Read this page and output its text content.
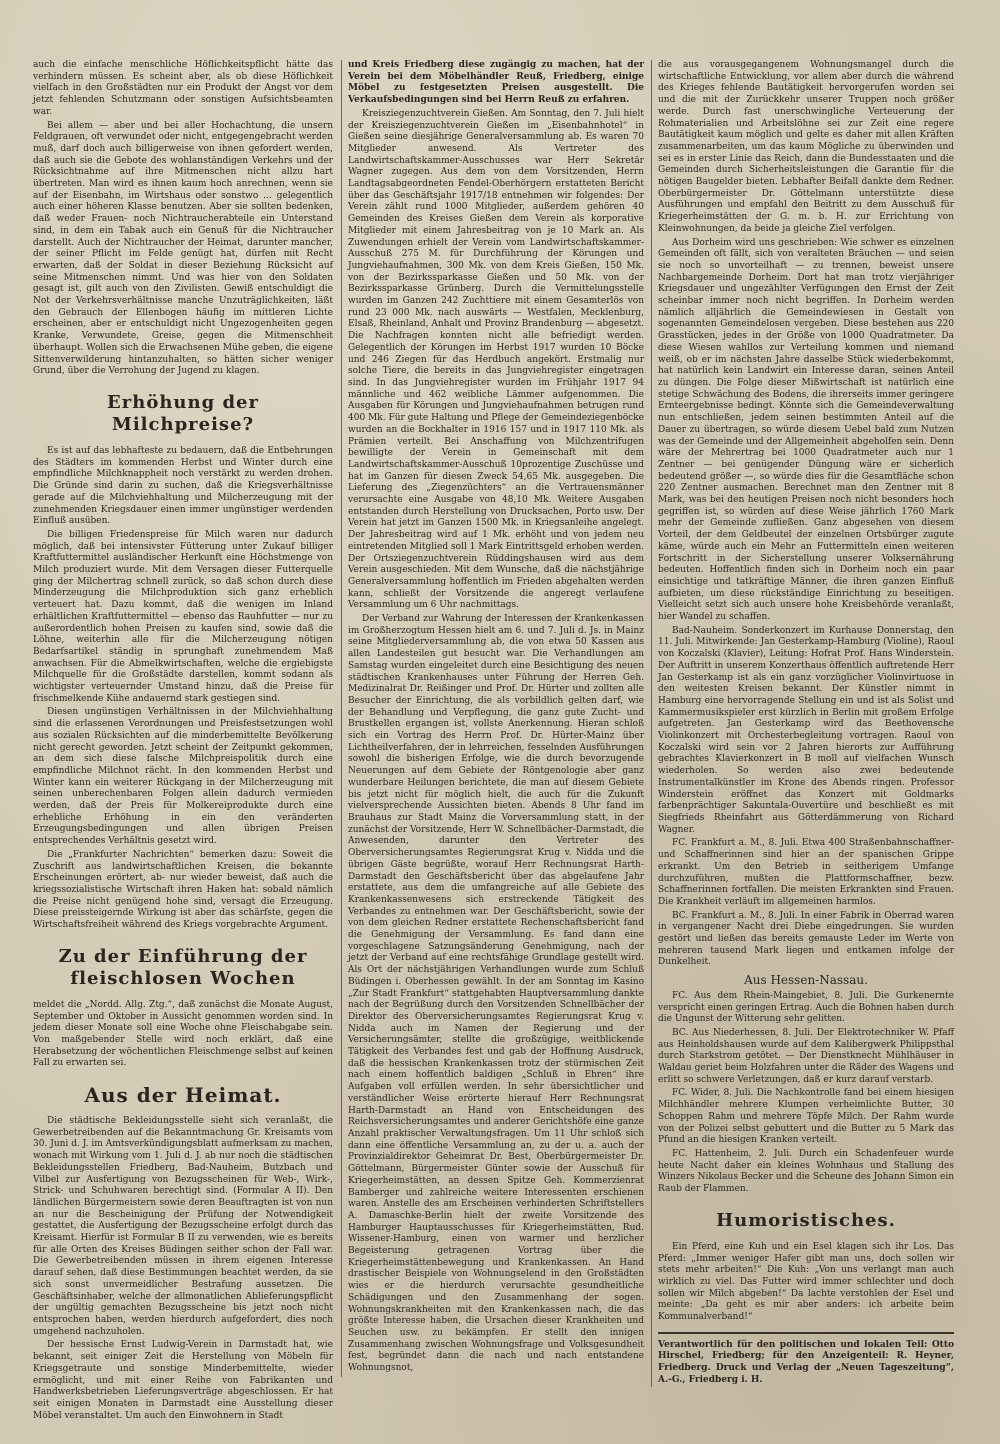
auch die einfache menschliche Höflichkeitspflicht hätte das verhindern müssen. Es scheint aber, als ob diese Höflichkeit vielfach in den Großstädten nur ein Produkt der Angst vor dem jetzt fehlenden Schutzmann oder sonstigen Aufsichtsbeamten war.

Bei allem — aber und bei aller Hochachtung, die unsern Feldgrauen, oft verwundet oder nicht, entgegengebracht werden muß, darf doch auch billigerweise von ihnen gefordert werden, daß auch sie die Gebote des wohlanständigen Verkehrs und der Rücksichtnahme auf ihre Mitmenschen nicht allzu hart übertreten. Man wird es ihnen kaum hoch anrechnen, wenn sie auf der Eisenbahn, im Wirtshaus oder sonstwo ... gelegentlich auch einer höheren Klasse benutzen. Aber sie sollten bedenken, daß weder Frauen- noch Nichtraucherabteile ein Unterstand sind, in dem ein Tabak auch ein Genuß für die Nichtraucher darstellt. Auch der Nichtraucher der Heimat, darunter mancher, der seiner Pflicht im Felde genügt hat, dürfen mit Recht erwarten, daß der Soldat in dieser Beziehung Rücksicht auf seine Mitmenschen nimmt. Und was hier von den Soldaten gesagt ist, gilt auch von den Zivilisten. Gewiß entschuldigt die Not der Verkehrsverhältnisse manche Unzuträglichkeiten, läßt den Gebrauch der Ellenbogen häufig im mittleren Lichte erscheinen, aber er entschuldigt nicht Ungezogenheiten gegen Kranke, Verwundete, Greise, gegen die Mitmenschheit überhaupt. Wollen sich die Erwachsenen Mühe geben, die eigene Sittenverwilderung hintanzuhalten, so hätten sicher weniger Grund, über die Verrohung der Jugend zu klagen.

Erhöhung der Milchpreise?

Es ist auf das lebhafteste zu bedauern, daß die Entbehrungen des Städters im kommenden Herbst und Winter durch eine empfindliche Milchknappheit noch verstärkt zu werden drohen. Die Gründe sind darin zu suchen, daß die Kriegsverhältnisse gerade auf die Milchviehhaltung und Milcherzeugung mit der zunehmenden Kriegsdauer einen immer ungünstiger werdenden Einfluß ausüben.

Die billigen Friedenspreise für Milch waren nur dadurch möglich, daß bei intensivster Fütterung unter Zukauf billiger Kraftfuttermittel ausländischer Herkunft eine Höchstmenge von Milch produziert wurde. Mit dem Versagen dieser Futterquelle ging der Milchertrag schnell zurück, so daß schon durch diese Minderzeugung die Milchproduktion sich ganz erheblich verteuert hat. Dazu kommt, daß die wenigen im Inland erhältlichen Kraftfuttermittel — ebenso das Rauhfutter — nur zu außerordentlich hohen Preisen zu kaufen sind, sowie daß die Löhne, weiterhin alle für die Milcherzeugung nötigen Bedarfsartikel ständig in sprunghaft zunehmendem Maß anwachsen. Für die Abmelkwirtschaften, welche die ergiebigste Milchquelle für die Großstädte darstellen, kommt sodann als wichtigster verteuernder Umstand hinzu, daß die Preise für frischmelkende Kühe andauernd stark gestiegen sind.

Diesen ungünstigen Verhältnissen in der Milchviehhaltung sind die erlassenen Verordnungen und Preisfestsetzungen wohl aus sozialen Rücksichten auf die minderbemittelte Bevölkerung nicht gerecht geworden. Jetzt scheint der Zeitpunkt gekommen, an dem sich diese falsche Milchpreispolitik durch eine empfindliche Milchnot rächt. In den kommenden Herbst und Winter kann ein weiterer Rückgang in der Milcherzeugung mit seinen unberechenbaren Folgen allein dadurch vermieden werden, daß der Preis für Molkereiprodukte durch eine erhebliche Erhöhung in ein den veränderten Erzeugungsbedingungen und allen übrigen Preisen entsprechendes Verhältnis gesetzt wird.

Die „Frankfurter Nachrichten“ bemerken dazu: Soweit die Zuschrift aus landwirtschaftlichen Kreisen, die bekannte Erscheinungen erörtert, ab- nur wieder beweist, daß auch die kriegssozialistische Wirtschaft ihren Haken hat: sobald nämlich die Preise nicht genügend hohe sind, versagt die Erzeugung. Diese preissteigernde Wirkung ist aber das schärfste, gegen die Wirtschaftsfreiheit während des Kriegs vorgebrachte Argument.

Zu der Einführung der fleischlosen Wochen

meldet die „Nordd. Allg. Ztg.“, daß zunächst die Monate August, September und Oktober in Aussicht genommen worden sind. In jedem dieser Monate soll eine Woche ohne Fleischabgabe sein. Von maßgebender Stelle wird noch erklärt, daß eine Herabsetzung der wöchentlichen Fleischmenge selbst auf keinen Fall zu erwarten sei.

Aus der Heimat.

Die städtische Bekleidungsstelle sieht sich veranlaßt, die Gewerbetreibenden auf die Bekanntmachung Gr. Kreisamts vom 30. Juni d. J. im Amtsverkündigungsblatt aufmerksam zu machen, wonach mit Wirkung vom 1. Juli d. J. ab nur noch die städtischen Bekleidungsstellen Friedberg, Bad-Nauheim, Butzbach und Vilbel zur Ausfertigung von Bezugsscheinen für Web-, Wirk-, Strick- und Schuhwaren berechtigt sind. (Formular A II). Den ländlichen Bürgermeistern sowie deren Beauftragten ist von nun an nur die Bescheinigung der Prüfung der Notwendigkeit gestattet, die Ausfertigung der Bezugsscheine erfolgt durch das Kreisamt. Hierfür ist Formular B II zu verwenden, wie es bereits für alle Orten des Kreises Büdingen seither schon der Fall war. Die Gewerbetreibenden müssen in ihrem eigenen Interesse darauf sehen, daß diese Bestimmungen beachtet werden, da sie sich sonst unvermeidlicher Bestrafung aussetzen. Die Geschäftsinhaber, welche der allmonatlichen Ablieferungspflicht der ungültig gemachten Bezugsscheine bis jetzt noch nicht entsprochen haben, werden hierdurch aufgefordert, dies noch umgehend nachzuholen.

Der hessische Ernst Ludwig-Verein in Darmstadt hat, wie bekannt, seit einiger Zeit die Herstellung von Möbeln für Kriegsgetraute und sonstige Minderbemittelte, wieder ermöglicht, und mit einer Reihe von Fabrikanten und Handwerksbetrieben Lieferungsverträge abgeschlossen. Er hat seit einigen Monaten in Darmstadt eine Ausstellung dieser Möbel veranstaltet. Um auch den Einwohnern in Stadt

und Kreis Friedberg diese zugängig zu machen, hat der Verein bei dem Möbelhändler Reuß, Friedberg, einige Möbel zu festgesetzten Preisen ausgestellt. Die Verkaufsbedingungen sind bei Herrn Reuß zu erfahren.

Kreisziegenzuchtverein Gießen. Am Sonntag, den 7. Juli hielt der Kreisziegenzuchtverein Gießen im „Eisenbahnhotel“ in Gießen seine diesjährige Generalversammlung ab. Es waren 70 Mitglieder anwesend. Als Vertreter des Landwirtschaftskammer-Ausschusses war Herr Sekretär Wagner zugegen. Aus dem von dem Vorsitzenden, Herrn Landtagsabgeordneten Fendel-Oberhörgern erstatteten Bericht über das Geschäftsjahr 1917/18 entnehmen wir folgendes: Der Verein zählt rund 1000 Mitglieder, außerdem gehören 40 Gemeinden des Kreises Gießen dem Verein als korporative Mitglieder mit einem Jahresbeitrag von je 10 Mark an. Als Zuwendungen erhielt der Verein vom Landwirtschaftskammer-Ausschuß 275 M. für Durchführung der Körungen und Jungviehaufnahmen, 300 Mk. von dem Kreis Gießen, 150 Mk. von der Bezirkssparkasse Gießen und 50 Mk. von der Bezirkssparkasse Grünberg. Durch die Vermittelungsstelle wurden im Ganzen 242 Zuchttiere mit einem Gesamterlös von rund 23 000 Mk. nach auswärts — Westfalen, Mecklenburg, Elsaß, Rheinland, Anhalt und Provinz Brandenburg — abgesetzt. Die Nachfragen konnten nicht alle befriedigt werden. Gelegentlich der Körungen im Herbst 1917 wurden 10 Böcke und 246 Ziegen für das Herdbuch angekört. Erstmalig nur solche Tiere, die bereits in das Jungviehregister eingetragen sind. In das Jungviehregister wurden im Frühjahr 1917 94 männliche und 462 weibliche Lämmer aufgenommen. Die Ausgaben für Körungen und Jungviehaufnahmen betrugen rund 400 Mk. Für gute Haltung und Pflege der Gemeindeziegenböcke wurden an die Bockhalter in 1916 157 und in 1917 110 Mk. als Prämien verteilt. Bei Anschaffung von Milchzentrifugen bewilligte der Verein in Gemeinschaft mit dem Landwirtschaftskammer-Ausschuß 10prozentige Zuschüsse und hat im Ganzen für diesen Zweck 54,65 Mk. ausgegeben. Die Lieferung des „Ziegenzüchters“ an die Vertrauensmänner verursachte eine Ausgabe von 48,10 Mk. Weitere Ausgaben entstanden durch Herstellung von Drucksachen, Porto usw. Der Verein hat jetzt im Ganzen 1500 Mk. in Kriegsanleihe angelegt. Der Jahresbeitrag wird auf 1 Mk. erhöht und von jedem neu eintretenden Mitglied soll 1 Mark Eintrittsgeld erhoben werden. Der Ortsziegenzuchtverein Rüddingshausen wird aus dem Verein ausgeschieden. Mit dem Wunsche, daß die nächstjährige Generalversammlung hoffentlich im Frieden abgehalten werden kann, schließt der Vorsitzende die angeregt verlaufene Versammlung um 6 Uhr nachmittags.

Der Verband zur Wahrung der Interessen der Krankenkassen im Großherzogtum Hessen hielt am 6. und 7. Juli d. Js. in Mainz seine Mitgliederversammlung ab, die von etwa 50 Kassen aus allen Landesteilen gut besucht war. Die Verhandlungen am Samstag wurden eingeleitet durch eine Besichtigung des neuen städtischen Krankenhauses unter Führung der Herren Geh. Medizinalrat Dr. Reißinger und Prof. Dr. Hürter und zollten alle Besucher der Einrichtung, die als vorbildlich gelten darf, wie der Behandlung und Verpflegung, die ganz gute Zucht- und Brustkellen ergangen ist, vollste Anerkennung. Hieran schloß sich ein Vortrag des Herrn Prof. Dr. Hürter-Mainz über Lichtheilverfahren, der in lehrreichen, fesselnden Ausführungen sowohl die bisherigen Erfolge, wie die durch bevorzugende Neuerungen auf dem Gebiete der Röntgenologie aber ganz wunderbare Heilungen berichtete, die man auf diesem Gebiete bis jetzt nicht für möglich hielt, die auch für die Zukunft vielversprechende Aussichten bieten. Abends 8 Uhr fand im Brauhaus zur Stadt Mainz die Vorversammlung statt, in der zunächst der Vorsitzende, Herr W. Schnellbächer-Darmstadt, die Anwesenden, darunter den Vertreter des Oberversicherungsamtes Regierungsrat Krug v. Nidda und die übrigen Gäste begrüßte, worauf Herr Rechnungsrat Harth-Darmstadt den Geschäftsbericht über das abgelaufene Jahr erstattete, aus dem die umfangreiche auf alle Gebiete des Krankenkassenwesens sich erstreckende Tätigkeit des Verbandes zu entnehmen war. Der Geschäftsbericht, sowie der von dem gleichen Redner erstattete Rechenschaftsbericht fand die Genehmigung der Versammlung. Es fand dann eine vorgeschlagene Satzungsänderung Genehmigung, nach der jetzt der Verband auf eine rechtsfähige Grundlage gestellt wird. Als Ort der nächstjährigen Verhandlungen wurde zum Schluß Büdingen i. Oberhessen gewählt. In der am Sonntag im Kasino „Zur Stadt Frankfurt“ stattgehabten Hauptversammlung dankte nach der Begrüßung durch den Vorsitzenden Schnellbächer der Direktor des Oberversicherungsamtes Regierungsrat Krug v. Nidda auch im Namen der Regierung und der Versicherungsämter, stellte die großzügige, weitblickende Tätigkeit des Verbandes fest und gab der Hoffnung Ausdruck, daß die hessischen Krankenkassen trotz der stürmischen Zeit nach einem hoffentlich baldigen „Schluß in Ehren“ ihre Aufgaben voll erfüllen werden. In sehr übersichtlicher und verständlicher Weise erörterte hierauf Herr Rechnungsrat Harth-Darmstadt an Hand von Entscheidungen des Reichsversicherungsamtes und anderer Gerichtshöfe eine ganze Anzahl praktischer Verwaltungsfragen. Um 11 Uhr schloß sich dann eine öffentliche Versammlung an, zu der u. a. auch der Provinzialdirektor Geheimrat Dr. Best, Oberbürgermeister Dr. Göttelmann, Bürgermeister Günter sowie der Ausschuß für Kriegerheimstätten, an dessen Spitze Geh. Kommerzienrat Bamberger und zahlreiche weitere Interessenten erschienen waren. Anstelle des am Erscheinen verhinderten Schriftstellers A. Damaschke-Berlin hielt der zweite Vorsitzende des Hamburger Hauptausschusses für Kriegerheimstätten, Rud. Wissener-Hamburg, einen von warmer und herzlicher Begeisterung getragenen Vortrag über die Kriegerheimstättenbewegung und Krankenkassen. An Hand drastischer Beispiele von Wohnungselend in den Großstädten wies er die hierdurch verursachte gesundheitliche Schädigungen und den Zusammenhang der sogen. Wohnungskrankheiten mit den Krankenkassen nach, die das größte Interesse haben, die Ursachen dieser Krankheiten und Seuchen usw. zu bekämpfen. Er stellt den innigen Zusammenhang zwischen Wohnungsfrage und Volksgesundheit fest, begründet dann die nach und nach entstandene Wohnungsnot,

die aus vorausgegangenem Wohnungsmangel durch die wirtschaftliche Entwicklung, vor allem aber durch die während des Krieges fehlende Bautätigkeit hervorgerufen worden sei und die mit der Zurückkehr unserer Truppen noch größer werde. Durch fast unerschwingliche Verteuerung der Rohmaterialien und Arbeitslöhne sei zur Zeit eine regere Bautätigkeit kaum möglich und gelte es daher mit allen Kräften zusammenarbeiten, um das kaum Mögliche zu überwinden und sei es in erster Linie das Reich, dann die Bundesstaaten und die Gemeinden durch Sicherheitsleistungen die Garantie für die nötigen Baugelder bieten. Lebhafter Beifall dankte dem Redner. Oberbürgermeister Dr. Göttelmann unterstützte diese Ausführungen und empfahl den Beitritt zu dem Ausschuß für Kriegerheimstätten der G. m. b. H. zur Errichtung von Kleinwohnungen, da beide ja gleiche Ziel verfolgen.

Aus Dorheim wird uns geschrieben: Wie schwer es einzelnen Gemeinden oft fällt, sich von veralteten Bräuchen — und seien sie noch so unvorteilhaft — zu trennen, beweist unsere Nachbargemeinde Dorheim. Dort hat man trotz vierjähriger Kriegsdauer und ungezählter Verfügungen den Ernst der Zeit scheinbar immer noch nicht begriffen. In Dorheim werden nämlich alljährlich die Gemeindewiesen in Gestalt von sogenannten Gemeindelosen vergeben. Diese bestehen aus 220 Grasstücken, jedes in der Größe von 1000 Quadratmeter. Da diese Wiesen wahllos zur Verteilung kommen und niemand weiß, ob er im nächsten Jahre dasselbe Stück wiederbekommt, hat natürlich kein Landwirt ein Interesse daran, seinen Anteil zu düngen. Die Folge dieser Mißwirtschaft ist natürlich eine stetige Schwächung des Bodens, die ihrerseits immer geringere Ernteergebnisse bedingt. Könnte sich die Gemeindeverwaltung nun entschließen, jedem seinen bestimmten Anteil auf die Dauer zu übertragen, so würde diesem Uebel bald zum Nutzen was der Gemeinde und der Allgemeinheit abgeholfen sein. Denn wäre der Mehrertrag bei 1000 Quadratmeter auch nur 1 Zentner — bei genügender Düngung wäre er sicherlich bedeutend größer —, so würde dies für die Gesamtfläche schon 220 Zentner ausmachen. Berechnet man den Zentner mit 8 Mark, was bei den heutigen Preisen noch nicht besonders hoch gegriffen ist, so würden auf diese Weise jährlich 1760 Mark mehr der Gemeinde zufließen. Ganz abgesehen von diesem Vorteil, der dem Geldbeutel der einzelnen Ortsbürger zugute käme, würde auch ein Mehr an Futtermitteln einen weiteren Fortschritt in der Sicherstellung unserer Volksernährung bedeuten. Hoffentlich finden sich in Dorheim noch ein paar einsichtige und tatkräftige Männer, die ihren ganzen Einfluß aufbieten, um diese rückständige Einrichtung zu beseitigen. Vielleicht setzt sich auch unsere hohe Kreisbehörde veranlaßt, hier Wandel zu schaffen.

Bad-Nauheim. Sonderkonzert im Kurhause Donnerstag, den 11. Juli. Mitwirkende: Jan Gesterkamp-Hamburg (Violine), Raoul von Koczalski (Klavier), Leitung: Hofrat Prof. Hans Winderstein. Der Auftritt in unserem Konzerthaus öffentlich auftretende Herr Jan Gesterkamp ist als ein ganz vorzüglicher Violinvirtuose in den weitesten Kreisen bekannt. Der Künstler nimmt in Hamburg eine hervorragende Stellung ein und ist als Solist und Kammermusikspieler erst kürzlich in Berlin mit großem Erfolge aufgetreten. Jan Gesterkamp wird das Beethovensche Violinkonzert mit Orchesterbegleitung vortragen. Raoul von Koczalski wird sein vor 2 Jahren hierorts zur Aufführung gebrachtes Klavierkonzert in B moll auf vielfachen Wunsch wiederholen. So werden also zwei bedeutende Instrumentalkünstler im Krone des Abends ringen. Professor Winderstein eröffnet das Konzert mit Goldmarks farbenprächtiger Sakuntala-Ouvertüre und beschließt es mit Siegfrieds Rheinfahrt aus Götterdämmerung von Richard Wagner.

FC. Frankfurt a. M., 8. Juli. Etwa 400 Straßenbahnschaffner- und Schaffnerinnen sind hier an der spanischen Grippe erkrankt. Um den Betrieb in seitherigem Umfange durchzuführen, mußten die Plattformschaffner, bezw. Schaffnerinnen fortfallen. Die meisten Erkrankten sind Frauen. Die Krankheit verläuft im allgemeinen harmlos.

BC. Frankfurt a. M., 8. Juli. In einer Fabrik in Oberrad waren in vergangener Nacht drei Diebe eingedrungen. Sie wurden gestört und ließen das bereits gemauste Leder im Werte von mehreren tausend Mark liegen und entkamen infolge der Dunkelheit.

Aus Hessen-Nassau.

FC. Aus dem Rhein-Maingebiet, 8. Juli. Die Gurkenernte verspricht einen geringen Ertrag. Auch die Bohnen haben durch die Ungunst der Witterung sehr gelitten.

BC. Aus Niederhessen, 8. Juli. Der Elektrotechniker W. Pfaff aus Heinholdshausen wurde auf dem Kalibergwerk Philippsthal durch Starkstrom getötet. — Der Dienstknecht Mühlhäuser in Waldau geriet beim Holzfahren unter die Räder des Wagens und erlitt so schwere Verletzungen, daß er kurz darauf verstarb.

FC. Wider, 8. Juli. Die Nachkontrolle fand bei einem hiesigen Milchhändler mehrere Klumpen verheimlichte Butter, 30 Schoppen Rahm und mehrere Töpfe Milch. Der Rahm wurde von der Polizei selbst gebuttert und die Butter zu 5 Mark das Pfund an die hiesigen Kranken verteilt.

FC. Hattenheim, 2. Juli. Durch ein Schadenfeuer wurde heute Nacht daher ein kleines Wohnhaus und Stallung des Winzers Nikolaus Becker und die Scheune des Johann Simon ein Raub der Flammen.

Humoristisches.

Ein Pferd, eine Kuh und ein Esel klagen sich ihr Los. Das Pferd: „Immer weniger Hafer gibt man uns, doch sollen wir stets mehr arbeiten!“ Die Kuh: „Von uns verlangt man auch wirklich zu viel. Das Futter wird immer schlechter und doch sollen wir Milch abgeben!“ Da lachte verstohlen der Esel und meinte: „Da geht es mir aber anders: ich arbeite beim Kommunalverband!“

Verantwortlich für den politischen und lokalen Teil: Otto Hirschel, Friedberg; für den Anzeigenteil: R. Heyner, Friedberg. Druck und Verlag der „Neuen Tageszeitung“, A.-G., Friedberg i. H.
